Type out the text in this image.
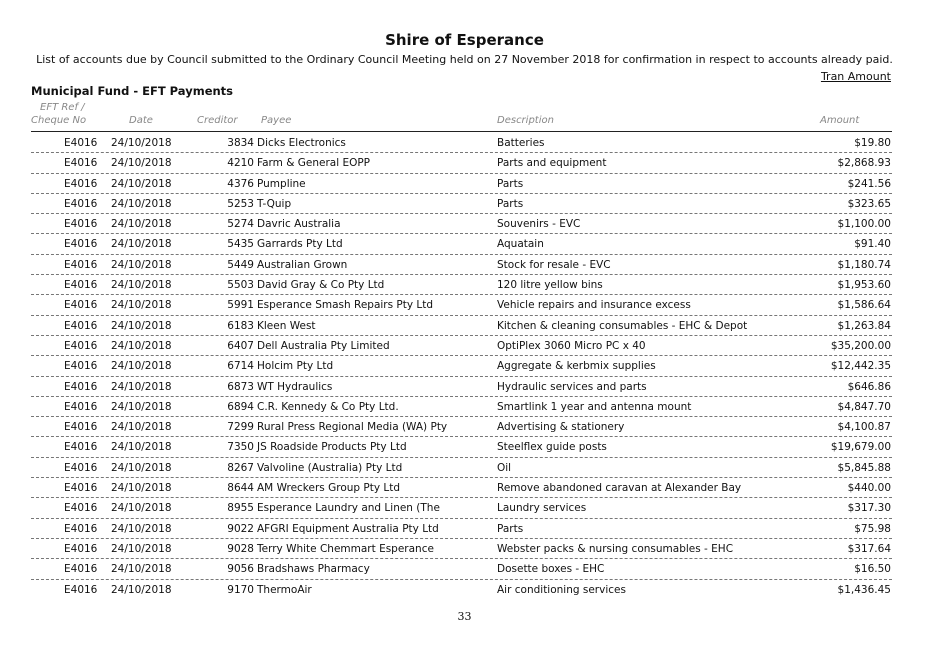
Shire of Esperance
List of accounts due by Council submitted to the Ordinary Council Meeting held on 27 November 2018 for confirmation in respect to accounts already paid.
Tran Amount
Municipal Fund - EFT Payments
EFT Ref /
Cheque No	Date	Creditor Payee	Description	Amount
E4016 24/10/2018	3834 Dicks Electronics	Batteries	$19.80
E4016 24/10/2018	4210 Farm & General EOPP	Parts and equipment	$2,868.93
E4016 24/10/2018	4376 Pumpline	Parts	$241.56
E4016 24/10/2018	5253 T-Quip	Parts	$323.65
E4016 24/10/2018	5274 Davric Australia	Souvenirs - EVC	$1,100.00
E4016 24/10/2018	5435 Garrards Pty Ltd	Aquatain	$91.40
E4016 24/10/2018	5449 Australian Grown	Stock for resale - EVC	$1,180.74
E4016 24/10/2018	5503 David Gray & Co Pty Ltd	120 litre yellow bins	$1,953.60
E4016 24/10/2018	5991 Esperance Smash Repairs Pty Ltd	Vehicle repairs and insurance excess	$1,586.64
E4016 24/10/2018	6183 Kleen West	Kitchen & cleaning consumables - EHC & Depot	$1,263.84
E4016 24/10/2018	6407 Dell Australia Pty Limited	OptiPlex 3060 Micro PC x 40	$35,200.00
E4016 24/10/2018	6714 Holcim Pty Ltd	Aggregate & kerbmix supplies	$12,442.35
E4016 24/10/2018	6873 WT Hydraulics	Hydraulic services and parts	$646.86
E4016 24/10/2018	6894 C.R. Kennedy & Co Pty Ltd.	Smartlink 1 year and antenna mount	$4,847.70
E4016 24/10/2018	7299 Rural Press Regional Media (WA) Pty	Advertising & stationery	$4,100.87
E4016 24/10/2018	7350 JS Roadside Products Pty Ltd	Steelflex guide posts	$19,679.00
E4016 24/10/2018	8267 Valvoline (Australia) Pty Ltd	Oil	$5,845.88
E4016 24/10/2018	8644 AM Wreckers Group Pty Ltd	Remove abandoned caravan at Alexander Bay	$440.00
E4016 24/10/2018	8955 Esperance Laundry and Linen (The	Laundry services	$317.30
E4016 24/10/2018	9022 AFGRI Equipment Australia Pty Ltd	Parts	$75.98
E4016 24/10/2018	9028 Terry White Chemmart Esperance	Webster packs & nursing consumables - EHC	$317.64
E4016 24/10/2018	9056 Bradshaws Pharmacy	Dosette boxes - EHC	$16.50
E4016 24/10/2018	9170 ThermoAir	Air conditioning services	$1,436.45
33
